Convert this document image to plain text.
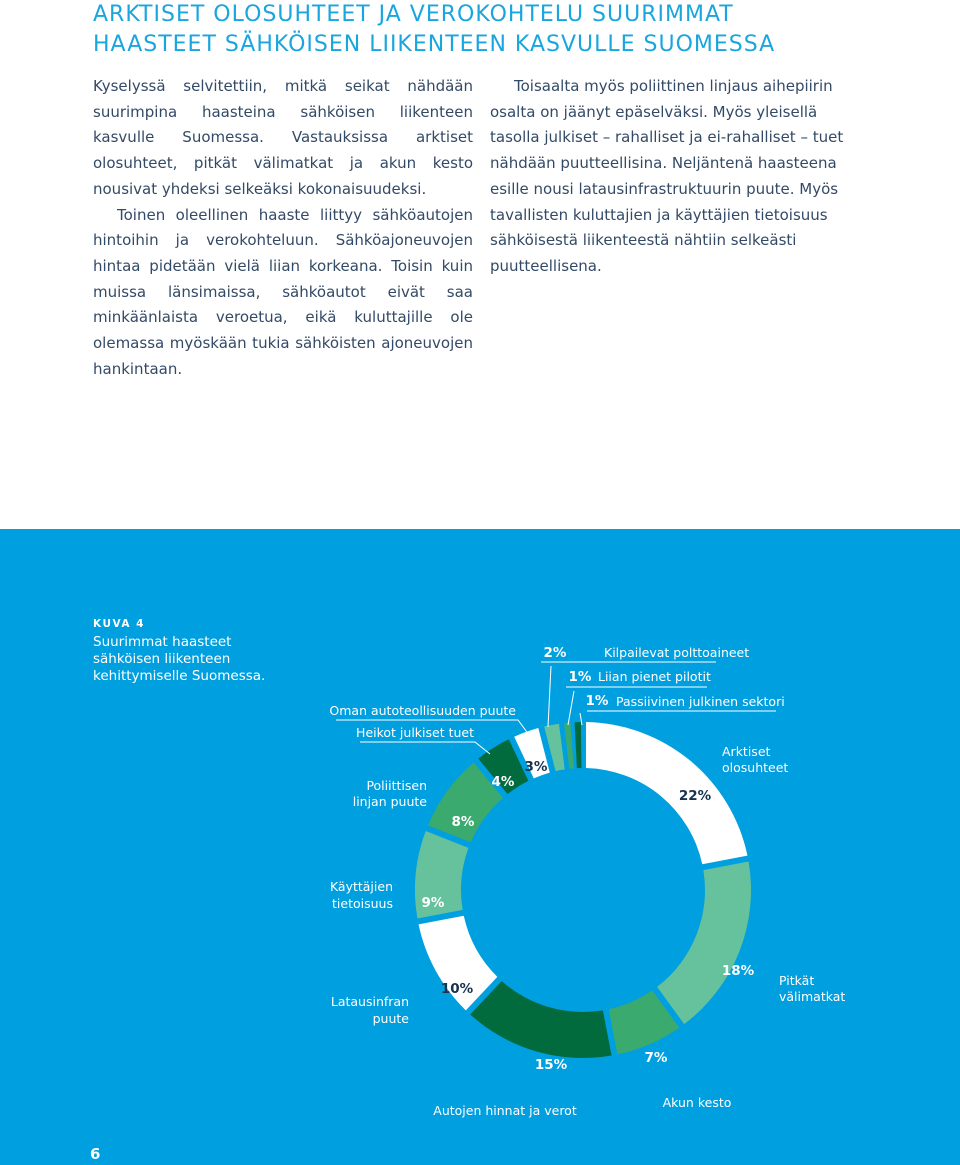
ARKTISET OLOSUHTEET JA VEROKOHTELU SUURIMMAT
HAASTEET SÄHKÖISEN LIIKENTEEN KASVULLE SUOMESSA

Kyselyssä selvitettiin, mitkä seikat nähdään suurimpina haasteina sähköisen liikenteen kasvulle Suomessa. Vastauksissa arktiset olosuhteet, pitkät välimatkat ja akun kesto nousivat yhdeksi selkeäksi kokonaisuudeksi.

Toinen oleellinen haaste liittyy sähköautojen hintoihin ja verokohteluun. Sähköajoneuvojen hintaa pidetään vielä liian korkeana. Toisin kuin muissa länsimaissa, sähköautot eivät saa minkäänlaista veroetua, eikä kuluttajille ole olemassa myöskään tukia sähköisten ajoneuvojen hankintaan.

Toisaalta myös poliittinen linjaus aihepiirin osalta on jäänyt epäselväksi. Myös yleisellä tasolla julkiset – rahalliset ja ei-rahalliset – tuet nähdään puutteellisina. Neljäntenä haasteena esille nousi latausinfrastruktuurin puute. Myös tavallisten kuluttajien ja käyttäjien tietoisuus sähköisestä liikenteestä nähtiin selkeästi puutteellisena.

KUVA 4

Suurimmat haasteet sähköisen liikenteen kehittymiselle Suomessa.

22%
Arktiset
olosuhteet
18%
Pitkät
välimatkat
7%
Akun kesto
15%
Autojen hinnat ja verot
10%
Latausinfran
puute
9%
Käyttäjien
tietoisuus
8%
Poliittisen
linjan puute
4%
Heikot julkiset tuet
3%
Oman autoteollisuuden puute
2%	Kilpailevat polttoaineet
1% Liian pienet pilotit
1% Passiivinen julkinen sektori

6
